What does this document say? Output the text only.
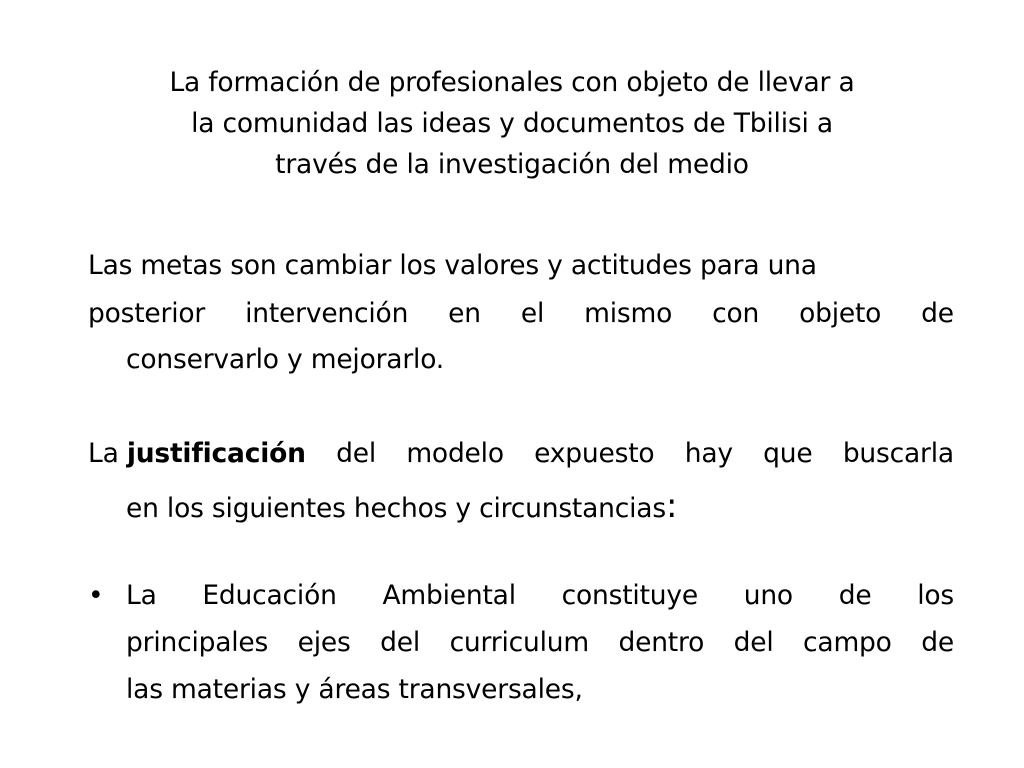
La formación de profesionales con objeto de llevar a
la comunidad las ideas y documentos de Tbilisi a
través de la investigación del medio
Las metas son cambiar los valores y actitudes para una
posterior intervención en el mismo con objeto de
conservarlo y mejorarlo.
La justificación del modelo expuesto hay que buscarla
en los siguientes hechos y circunstancias:
• La Educación Ambiental constituye uno de los
principales ejes del curriculum dentro del campo de
las materias y áreas transversales,
